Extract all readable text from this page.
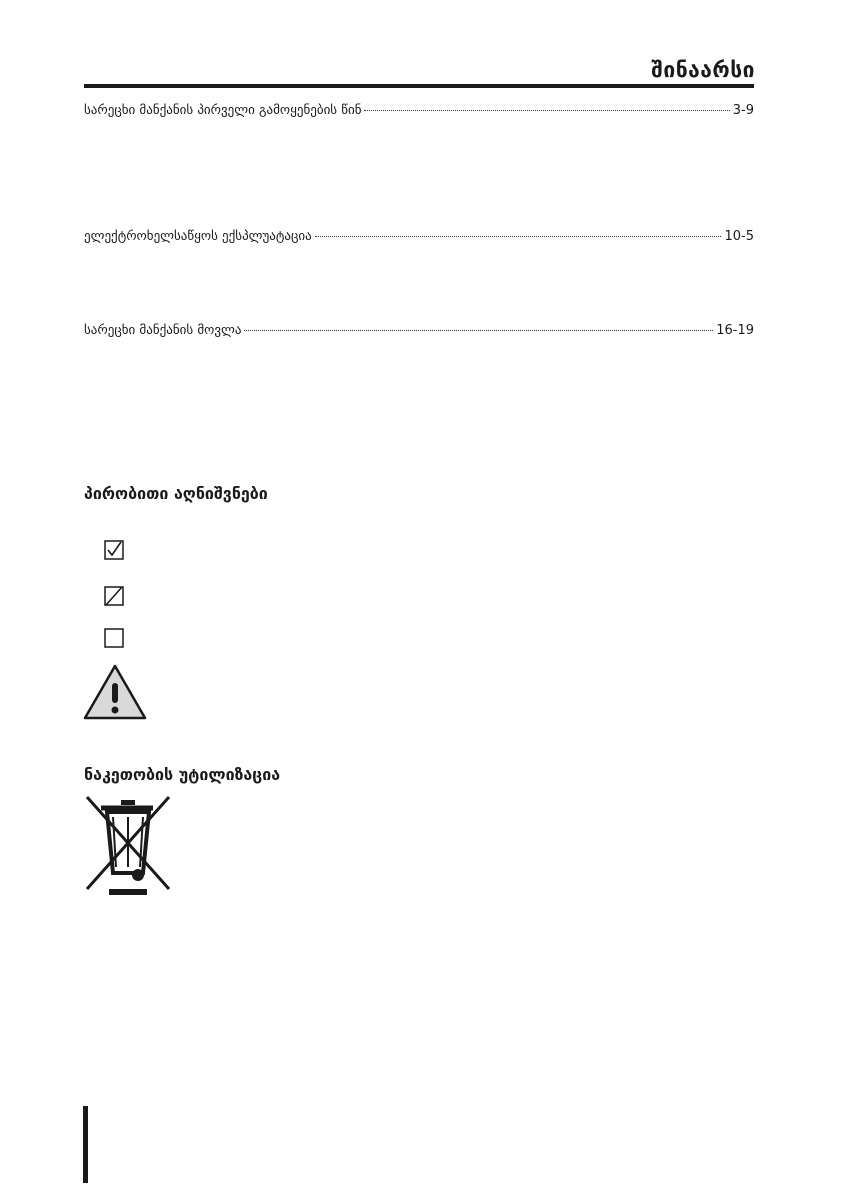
შინაარსი
სარეცხი მანქანის პირველი გამოყენების წინ	3-9
ელექტროხელსაწყოს ექსპლუატაცია	10-5
სარეცხი მანქანის მოვლა	16-19
პირობითი აღნიშვნები
ნაკეთობის უტილიზაცია
